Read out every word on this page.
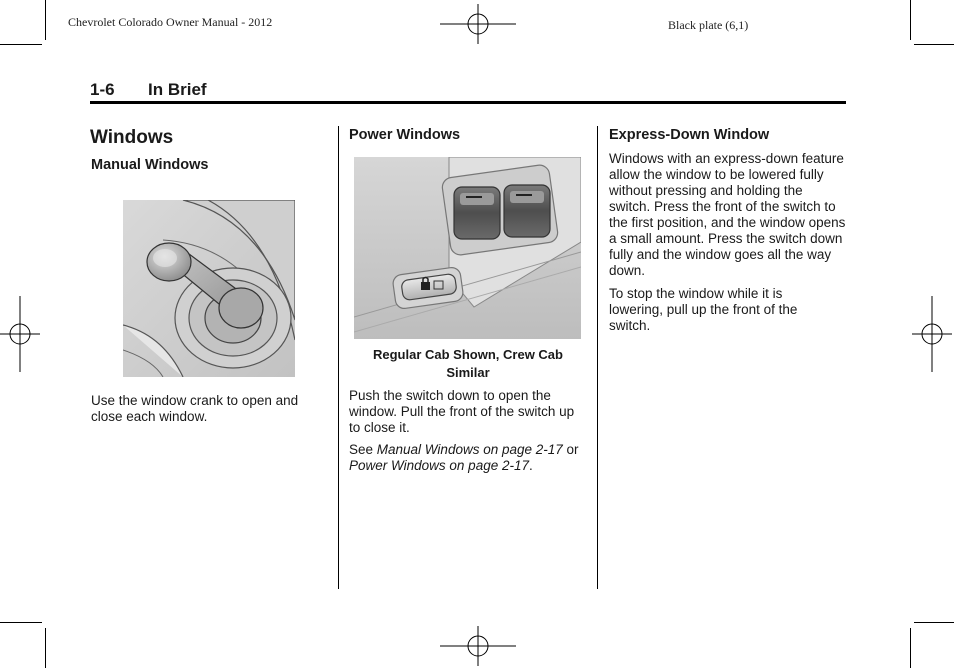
Chevrolet Colorado Owner Manual - 2012	Black plate (6,1)
1-6 In Brief
Windows
Manual Windows

Use the window crank to open and close each window.

Power Windows

Regular Cab Shown, Crew Cab

Similar

Push the switch down to open the window. Pull the front of the switch up to close it.

See Manual Windows on page 2-17 or Power Windows on page 2-17.

Express-Down Window

Windows with an express-down feature allow the window to be lowered fully without pressing and holding the switch. Press the front of the switch to the first position, and the window opens a small amount. Press the switch down fully and the window goes all the way down.

To stop the window while it is lowering, pull up the front of the switch.
